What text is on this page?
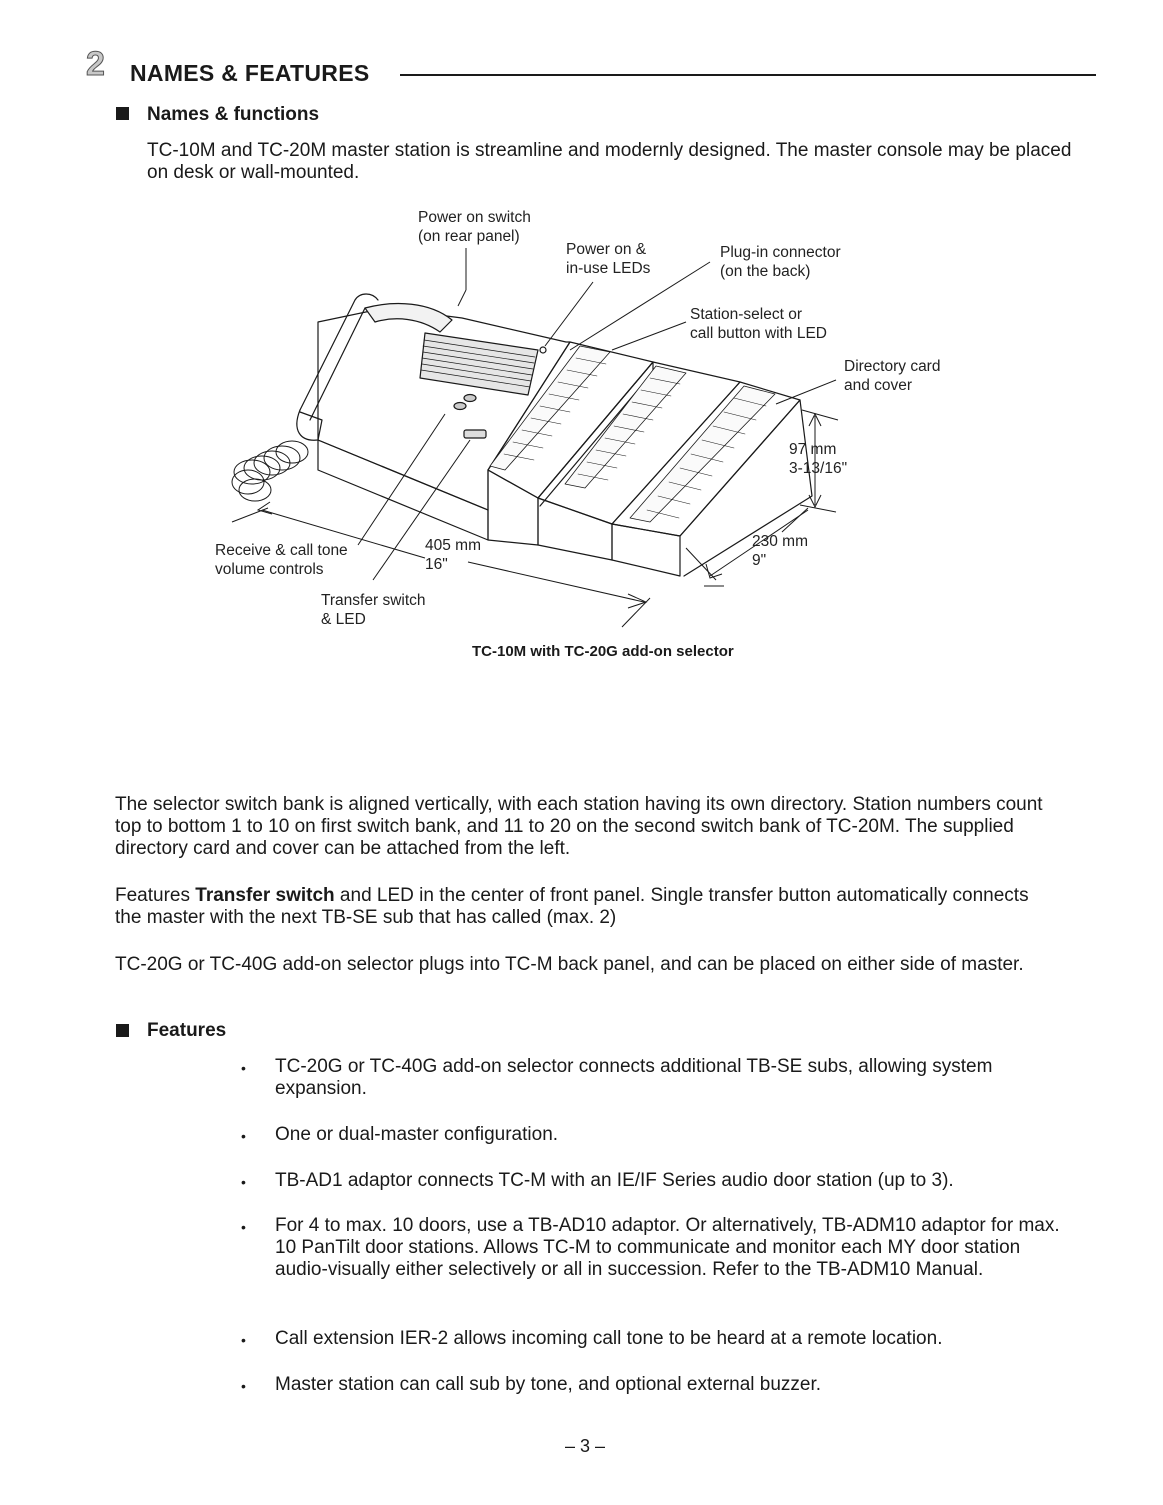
2 NAMES & FEATURES
Names & functions
TC-10M and TC-20M master station is streamline and modernly designed. The master console may be placed on desk or wall-mounted.
Power on switch
(on rear panel)
Power on &
in-use LEDs
Plug-in connector
(on the back)
Station-select or
call button with LED
Directory card
and cover
97 mm
3-13/16"
Receive & call tone
volume controls
405 mm
16"
230 mm
9"
Transfer switch
& LED
TC-10M with TC-20G add-on selector
The selector switch bank is aligned vertically, with each station having its own directory. Station numbers count top to bottom 1 to 10 on first switch bank, and 11 to 20 on the second switch bank of TC-20M. The supplied directory card and cover can be attached from the left.
Features Transfer switch and LED in the center of front panel. Single transfer button automatically connects the master with the next TB-SE sub that has called (max. 2)
TC-20G or TC-40G add-on selector plugs into TC-M back panel, and can be placed on either side of master.
Features
• TC-20G or TC-40G add-on selector connects additional TB-SE subs, allowing system expansion.
• One or dual-master configuration.
• TB-AD1 adaptor connects TC-M with an IE/IF Series audio door station (up to 3).
• For 4 to max. 10 doors, use a TB-AD10 adaptor. Or alternatively, TB-ADM10 adaptor for max. 10 PanTilt door stations. Allows TC-M to communicate and monitor each MY door station audio-visually either selectively or all in succession. Refer to the TB-ADM10 Manual.
• Call extension IER-2 allows incoming call tone to be heard at a remote location.
• Master station can call sub by tone, and optional external buzzer.
– 3 –
